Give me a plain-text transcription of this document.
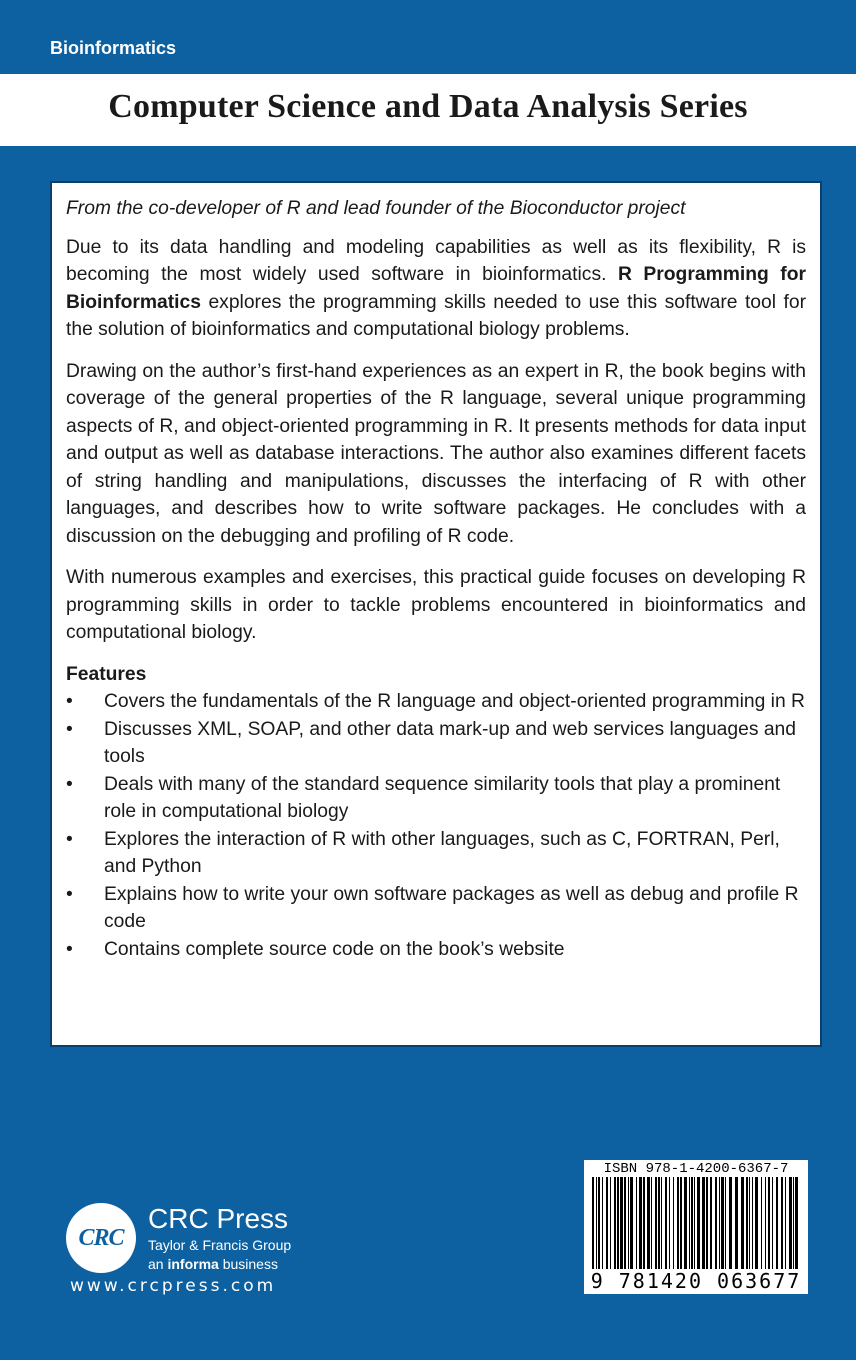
Bioinformatics
Computer Science and Data Analysis Series

From the co-developer of R and lead founder of the Bioconductor project

Due to its data handling and modeling capabilities as well as its flexibility, R is becoming the most widely used software in bioinformatics. R Programming for Bioinformatics explores the programming skills needed to use this software tool for the solution of bioinformatics and computational biology problems.

Drawing on the author’s first-hand experiences as an expert in R, the book begins with coverage of the general properties of the R language, several unique programming aspects of R, and object-oriented programming in R. It presents methods for data input and output as well as database interactions. The author also examines different facets of string handling and manipulations, discusses the interfacing of R with other languages, and describes how to write software packages. He concludes with a discussion on the debugging and profiling of R code.

With numerous examples and exercises, this practical guide focuses on developing R programming skills in order to tackle problems encountered in bioinformatics and computational biology.

Features
• Covers the fundamentals of the R language and object-oriented programming in R
• Discusses XML, SOAP, and other data mark-up and web services languages and tools
• Deals with many of the standard sequence similarity tools that play a prominent role in computational biology
• Explores the interaction of R with other languages, such as C, FORTRAN, Perl, and Python
• Explains how to write your own software packages as well as debug and profile R code
• Contains complete source code on the book’s website
CRC
CRC Press
Taylor & Francis Group
an informa business
www.crcpress.com
ISBN 978-1-4200-6367-7
9 781420 063677
